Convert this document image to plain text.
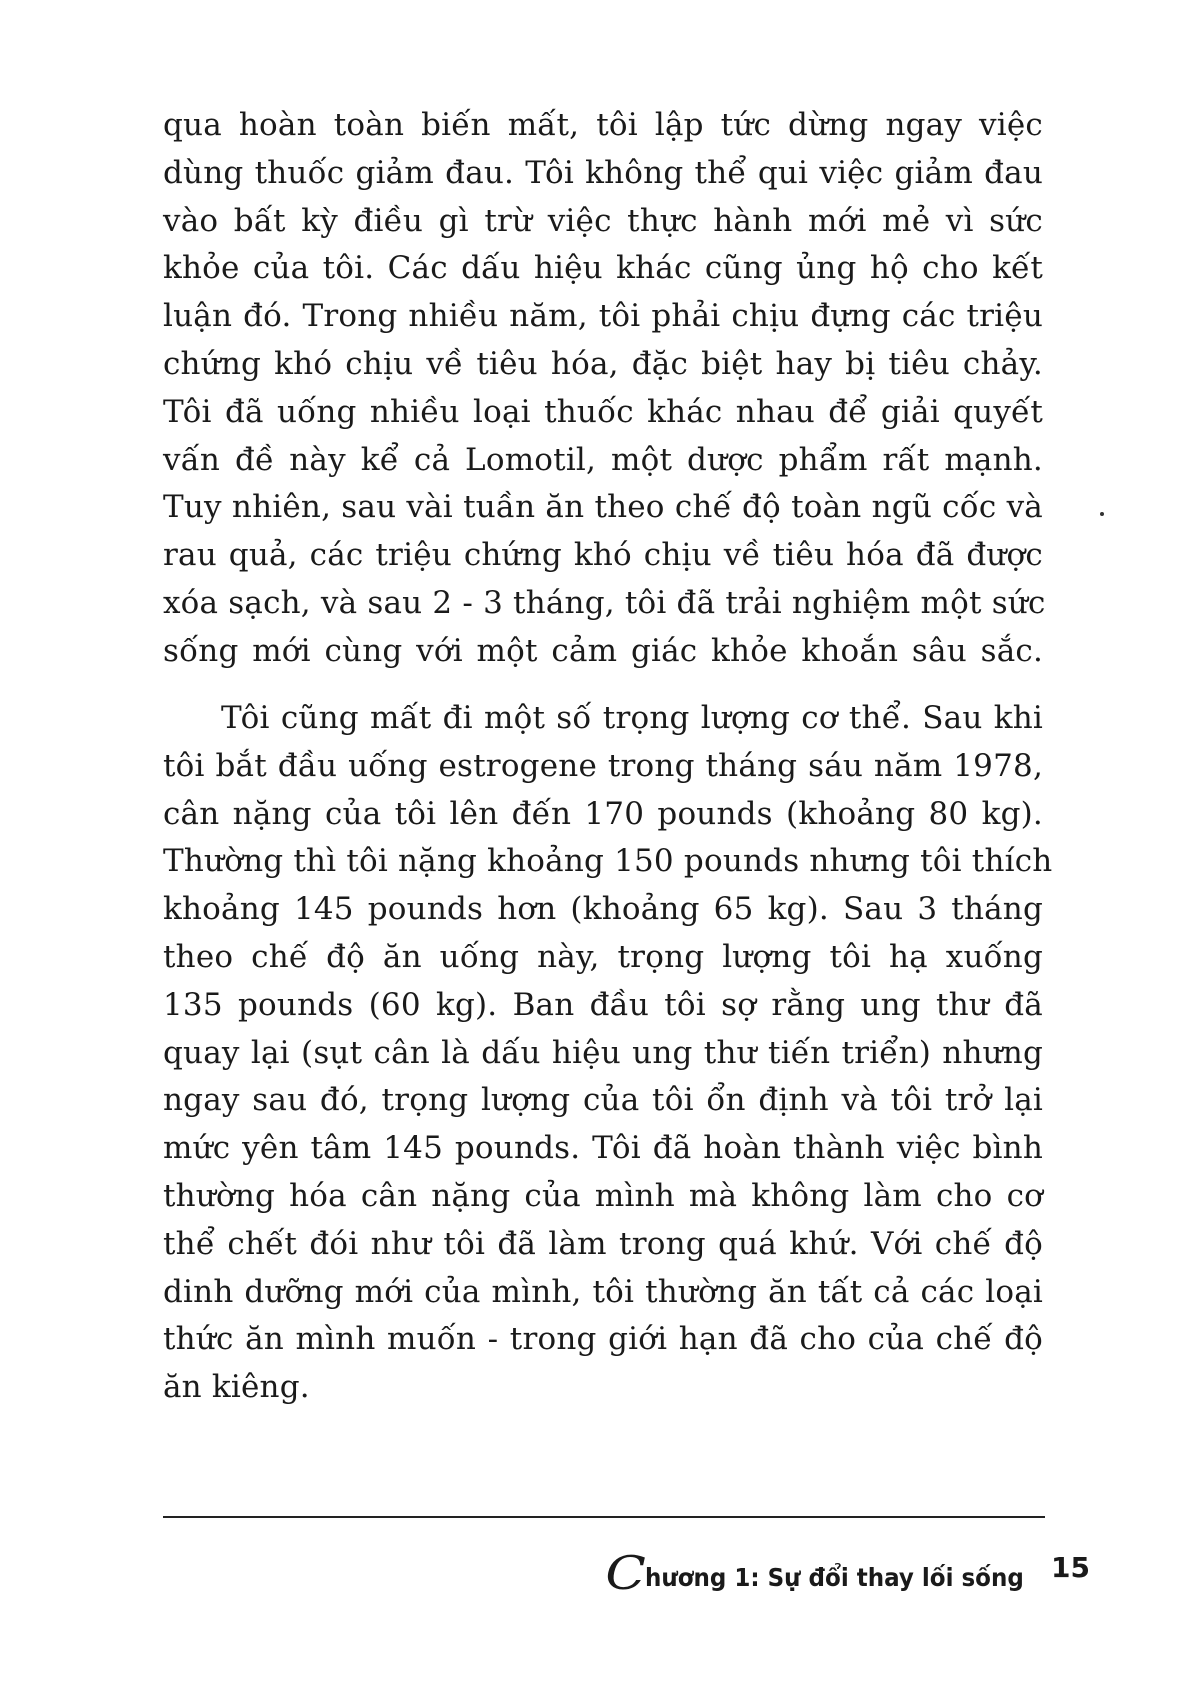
qua hoàn toàn biến mất, tôi lập tức dừng ngay việc
dùng thuốc giảm đau. Tôi không thể qui việc giảm đau
vào bất kỳ điều gì trừ việc thực hành mới mẻ vì sức
khỏe của tôi. Các dấu hiệu khác cũng ủng hộ cho kết
luận đó. Trong nhiều năm, tôi phải chịu đựng các triệu
chứng khó chịu về tiêu hóa, đặc biệt hay bị tiêu chảy.
Tôi đã uống nhiều loại thuốc khác nhau để giải quyết
vấn đề này kể cả Lomotil, một dược phẩm rất mạnh.
Tuy nhiên, sau vài tuần ăn theo chế độ toàn ngũ cốc và
rau quả, các triệu chứng khó chịu về tiêu hóa đã được
xóa sạch, và sau 2 - 3 tháng, tôi đã trải nghiệm một sức
sống mới cùng với một cảm giác khỏe khoắn sâu sắc.
Tôi cũng mất đi một số trọng lượng cơ thể. Sau khi
tôi bắt đầu uống estrogene trong tháng sáu năm 1978,
cân nặng của tôi lên đến 170 pounds (khoảng 80 kg).
Thường thì tôi nặng khoảng 150 pounds nhưng tôi thích
khoảng 145 pounds hơn (khoảng 65 kg). Sau 3 tháng
theo chế độ ăn uống này, trọng lượng tôi hạ xuống
135 pounds (60 kg). Ban đầu tôi sợ rằng ung thư đã
quay lại (sụt cân là dấu hiệu ung thư tiến triển) nhưng
ngay sau đó, trọng lượng của tôi ổn định và tôi trở lại
mức yên tâm 145 pounds. Tôi đã hoàn thành việc bình
thường hóa cân nặng của mình mà không làm cho cơ
thể chết đói như tôi đã làm trong quá khứ. Với chế độ
dinh dưỡng mới của mình, tôi thường ăn tất cả các loại
thức ăn mình muốn - trong giới hạn đã cho của chế độ
ăn kiêng.
C hương 1: Sự đổi thay lối sống 15
